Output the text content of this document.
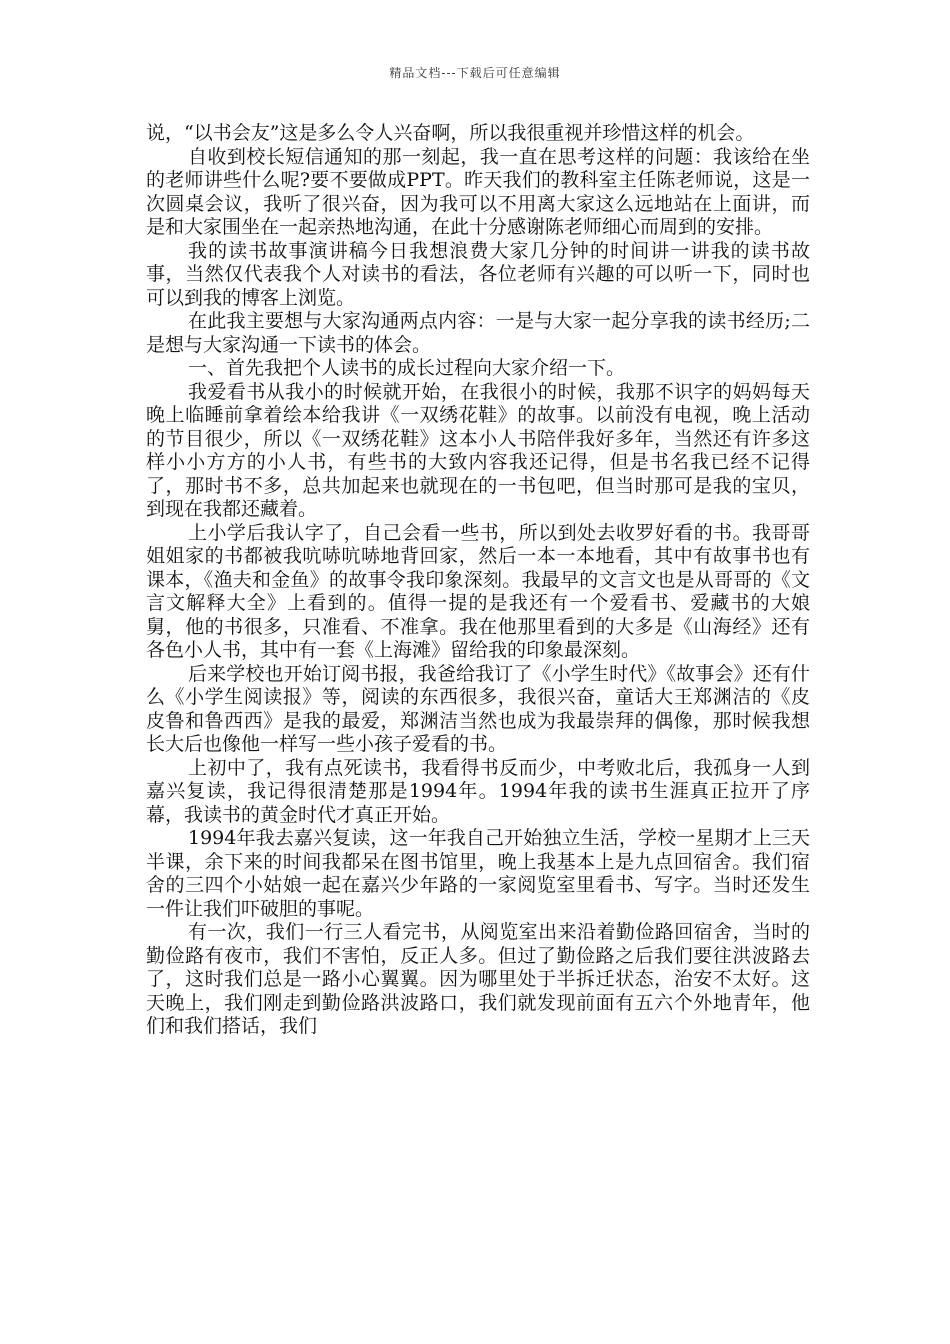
精品文档---下载后可任意编辑

说，“以书会友”这是多么令人兴奋啊，所以我很重视并珍惜这样的机会。

自收到校长短信通知的那一刻起，我一直在思考这样的问题：我该给在坐的老师讲些什么呢?要不要做成PPT。昨天我们的教科室主任陈老师说，这是一次圆桌会议，我听了很兴奋，因为我可以不用离大家这么远地站在上面讲，而是和大家围坐在一起亲热地沟通，在此十分感谢陈老师细心而周到的安排。

我的读书故事演讲稿今日我想浪费大家几分钟的时间讲一讲我的读书故事，当然仅代表我个人对读书的看法，各位老师有兴趣的可以听一下，同时也可以到我的博客上浏览。

在此我主要想与大家沟通两点内容：一是与大家一起分享我的读书经历;二是想与大家沟通一下读书的体会。

一、首先我把个人读书的成长过程向大家介绍一下。

我爱看书从我小的时候就开始，在我很小的时候，我那不识字的妈妈每天晚上临睡前拿着绘本给我讲《一双绣花鞋》的故事。以前没有电视，晚上活动的节目很少，所以《一双绣花鞋》这本小人书陪伴我好多年，当然还有许多这样小小方方的小人书，有些书的大致内容我还记得，但是书名我已经不记得了，那时书不多，总共加起来也就现在的一书包吧，但当时那可是我的宝贝，到现在我都还藏着。

上小学后我认字了，自己会看一些书，所以到处去收罗好看的书。我哥哥姐姐家的书都被我吭哧吭哧地背回家，然后一本一本地看，其中有故事书也有课本，《渔夫和金鱼》的故事令我印象深刻。我最早的文言文也是从哥哥的《文言文解释大全》上看到的。值得一提的是我还有一个爱看书、爱藏书的大娘舅，他的书很多，只准看、不准拿。我在他那里看到的大多是《山海经》还有各色小人书，其中有一套《上海滩》留给我的印象最深刻。

后来学校也开始订阅书报，我爸给我订了《小学生时代》《故事会》还有什么《小学生阅读报》等，阅读的东西很多，我很兴奋，童话大王郑渊洁的《皮皮鲁和鲁西西》是我的最爱，郑渊洁当然也成为我最崇拜的偶像，那时候我想长大后也像他一样写一些小孩子爱看的书。

上初中了，我有点死读书，我看得书反而少，中考败北后，我孤身一人到嘉兴复读，我记得很清楚那是1994年。1994年我的读书生涯真正拉开了序幕，我读书的黄金时代才真正开始。

1994年我去嘉兴复读，这一年我自己开始独立生活，学校一星期才上三天半课，余下来的时间我都呆在图书馆里，晚上我基本上是九点回宿舍。我们宿舍的三四个小姑娘一起在嘉兴少年路的一家阅览室里看书、写字。当时还发生一件让我们吓破胆的事呢。

有一次，我们一行三人看完书，从阅览室出来沿着勤俭路回宿舍，当时的勤俭路有夜市，我们不害怕，反正人多。但过了勤俭路之后我们要往洪波路去了，这时我们总是一路小心翼翼。因为哪里处于半拆迁状态，治安不太好。这天晚上，我们刚走到勤俭路洪波路口，我们就发现前面有五六个外地青年，他们和我们搭话，我们
